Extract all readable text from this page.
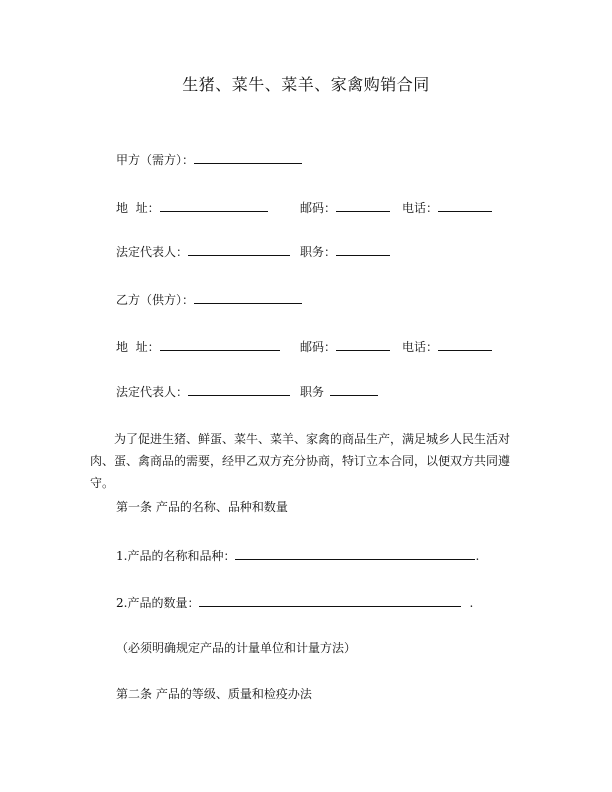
生猪、菜牛、菜羊、家禽购销合同
甲方（需方）：
地  址：	邮码：	电话：
法定代表人：	职务：
乙方（供方）：
地  址：	邮码：	电话：
法定代表人：	职务
为了促进生猪、鲜蛋、菜牛、菜羊、家禽的商品生产，满足城乡人民生活对肉、蛋、禽商品的需要，经甲乙双方充分协商，特订立本合同，以便双方共同遵守。
第一条 产品的名称、品种和数量
1.产品的名称和品种：	.
2.产品的数量：	.
（必须明确规定产品的计量单位和计量方法）
第二条 产品的等级、质量和检疫办法
